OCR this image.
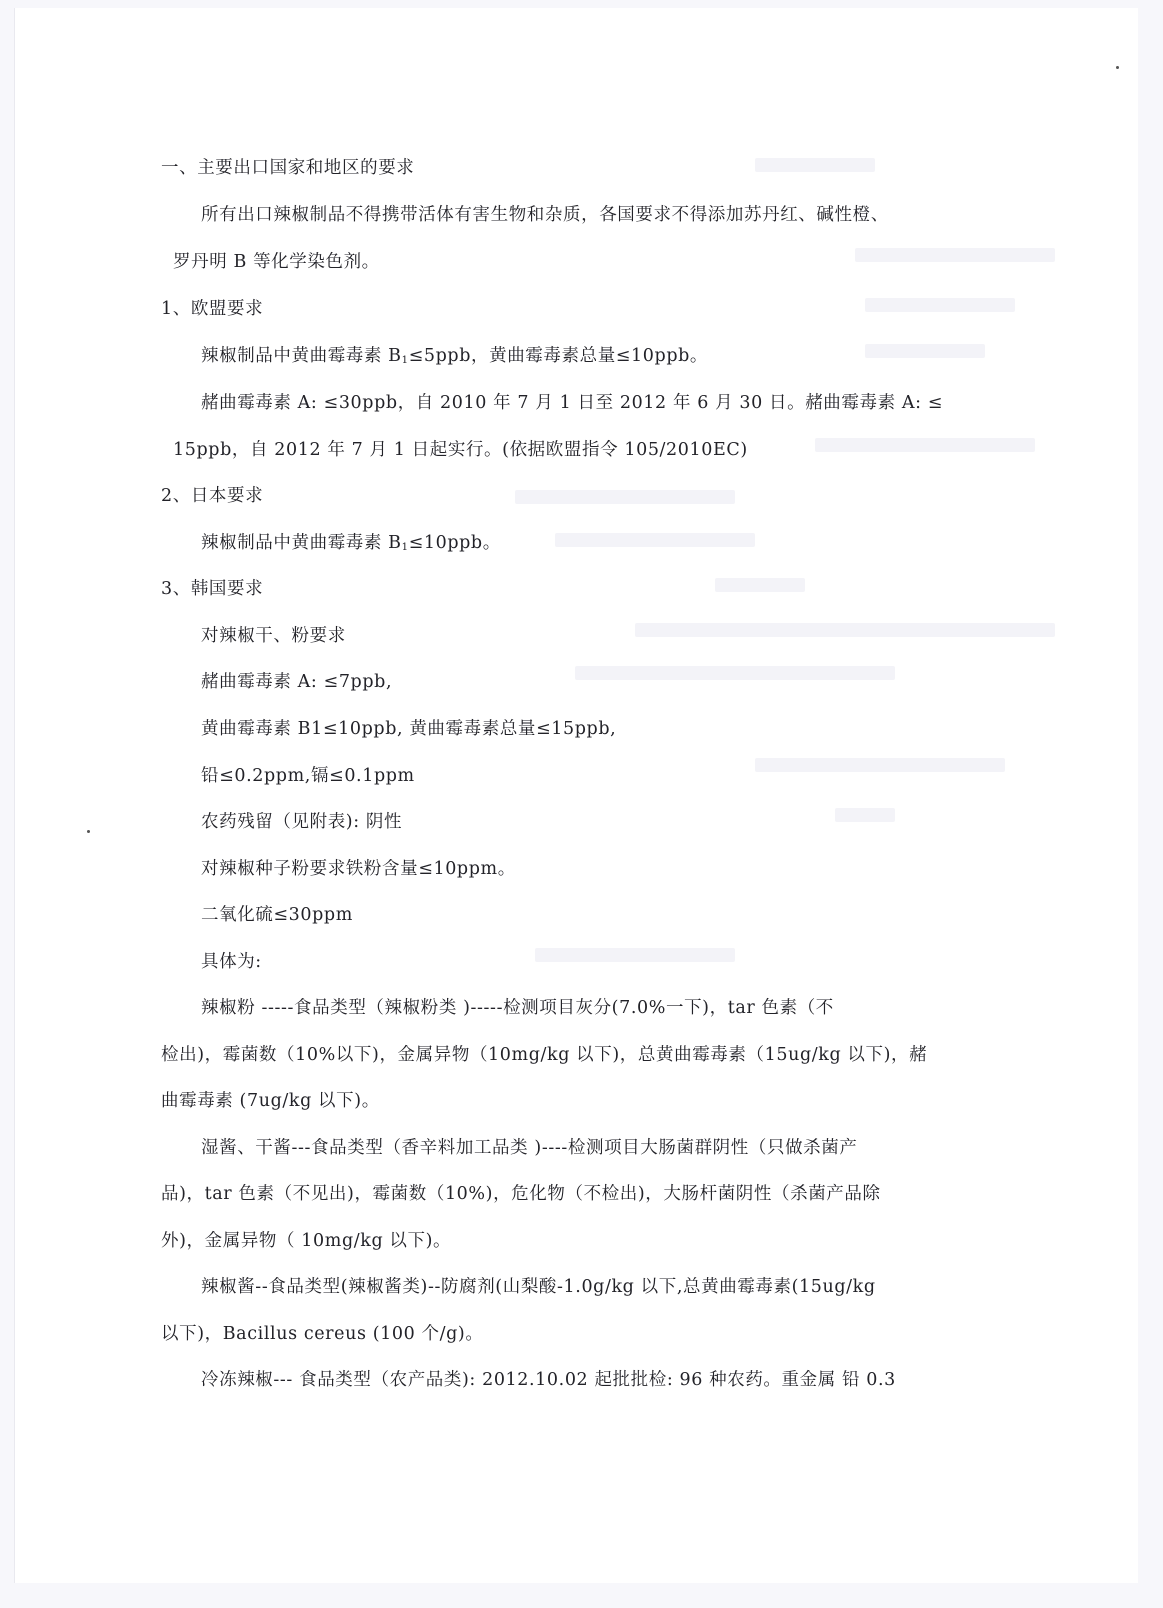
一、主要出口国家和地区的要求
所有出口辣椒制品不得携带活体有害生物和杂质，各国要求不得添加苏丹红、碱性橙、
罗丹明 B 等化学染色剂。
1、欧盟要求
辣椒制品中黄曲霉毒素 $B_1\le 5ppb$，黄曲霉毒素总量≤10ppb。
赭曲霉毒素 A: ≤30ppb，自 2010 年 7 月 1 日至 2012 年 6 月 30 日。赭曲霉毒素 A: ≤
15ppb，自 2012 年 7 月 1 日起实行。(依据欧盟指令 105/2010EC)
2、日本要求
辣椒制品中黄曲霉毒素 $B_1\le 10ppb$。
3、韩国要求
对辣椒干、粉要求
赭曲霉毒素 A: ≤7ppb,
黄曲霉毒素 B1≤10ppb, 黄曲霉毒素总量≤15ppb,
铅≤0.2ppm,镉≤0.1ppm
农药残留（见附表): 阴性
对辣椒种子粉要求铁粉含量≤10ppm。
二氧化硫≤30ppm
具体为:
辣椒粉 -----食品类型（辣椒粉类 )-----检测项目灰分(7.0%一下)，tar 色素（不
检出)，霉菌数（10%以下)，金属异物（10mg/kg 以下)，总黄曲霉毒素（15ug/kg 以下)，赭
曲霉毒素 (7ug/kg 以下)。
湿酱、干酱---食品类型（香辛料加工品类 )----检测项目大肠菌群阴性（只做杀菌产
品)，tar 色素（不见出)，霉菌数（10%)，危化物（不检出)，大肠杆菌阴性（杀菌产品除
外)，金属异物（ 10mg/kg 以下)。
辣椒酱--食品类型(辣椒酱类)--防腐剂(山梨酸-1.0g/kg 以下,总黄曲霉毒素(15ug/kg
以下)，Bacillus cereus (100 个/g)。
冷冻辣椒--- 食品类型（农产品类): 2012.10.02 起批批检: 96 种农药。重金属 铅 0.3
